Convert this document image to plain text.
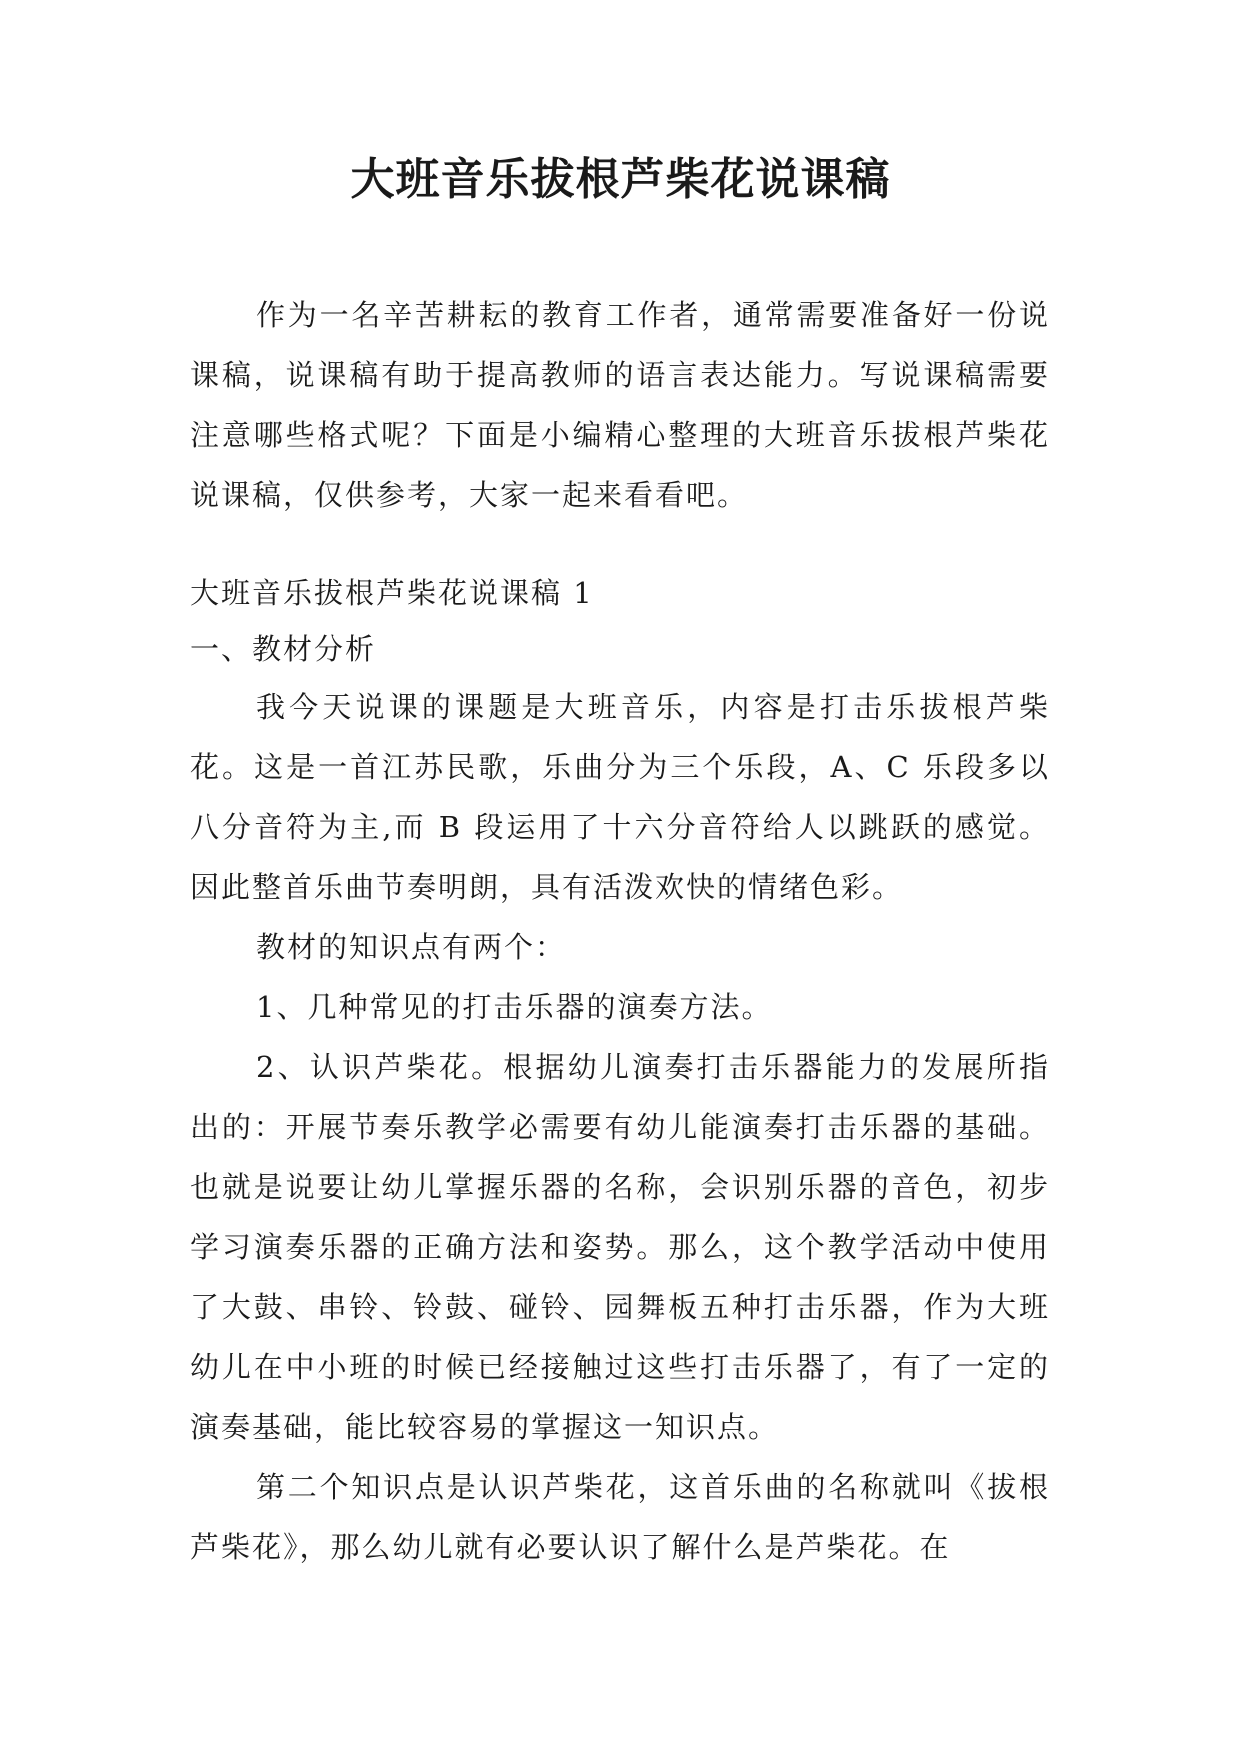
大班音乐拔根芦柴花说课稿

作为一名辛苦耕耘的教育工作者，通常需要准备好一份说课稿，说课稿有助于提高教师的语言表达能力。写说课稿需要注意哪些格式呢？下面是小编精心整理的大班音乐拔根芦柴花说课稿，仅供参考，大家一起来看看吧。

大班音乐拔根芦柴花说课稿 1

一、教材分析

我今天说课的课题是大班音乐，内容是打击乐拔根芦柴花。这是一首江苏民歌，乐曲分为三个乐段，A、C 乐段多以八分音符为主,而 B 段运用了十六分音符给人以跳跃的感觉。因此整首乐曲节奏明朗，具有活泼欢快的情绪色彩。

教材的知识点有两个：

1、几种常见的打击乐器的演奏方法。

2、认识芦柴花。根据幼儿演奏打击乐器能力的发展所指出的：开展节奏乐教学必需要有幼儿能演奏打击乐器的基础。也就是说要让幼儿掌握乐器的名称，会识别乐器的音色，初步学习演奏乐器的正确方法和姿势。那么，这个教学活动中使用了大鼓、串铃、铃鼓、碰铃、园舞板五种打击乐器，作为大班幼儿在中小班的时候已经接触过这些打击乐器了，有了一定的演奏基础，能比较容易的掌握这一知识点。

第二个知识点是认识芦柴花，这首乐曲的名称就叫《拔根芦柴花》，那么幼儿就有必要认识了解什么是芦柴花。在
